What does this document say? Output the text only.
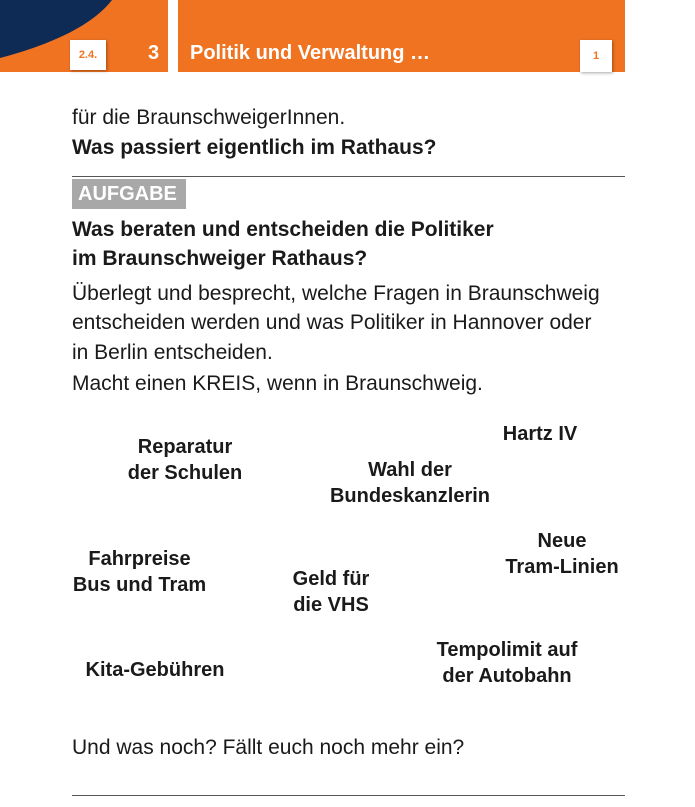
2.4.	3 Politik und Verwaltung …	1
für die BraunschweigerInnen.
Was passiert eigentlich im Rathaus?
AUFGABE
Was beraten und entscheiden die Politiker
im Braunschweiger Rathaus?
Überlegt und besprecht, welche Fragen in Braunschweig
entscheiden werden und was Politiker in Hannover oder
in Berlin entscheiden.
Macht einen KREIS, wenn in Braunschweig.
Reparatur
der Schulen
Hartz IV
Wahl der
Bundeskanzlerin
Fahrpreise
Bus und Tram
Neue
Tram-Linien
Geld für
die VHS
Kita-Gebühren
Tempolimit auf
der Autobahn
Und was noch? Fällt euch noch mehr ein?
